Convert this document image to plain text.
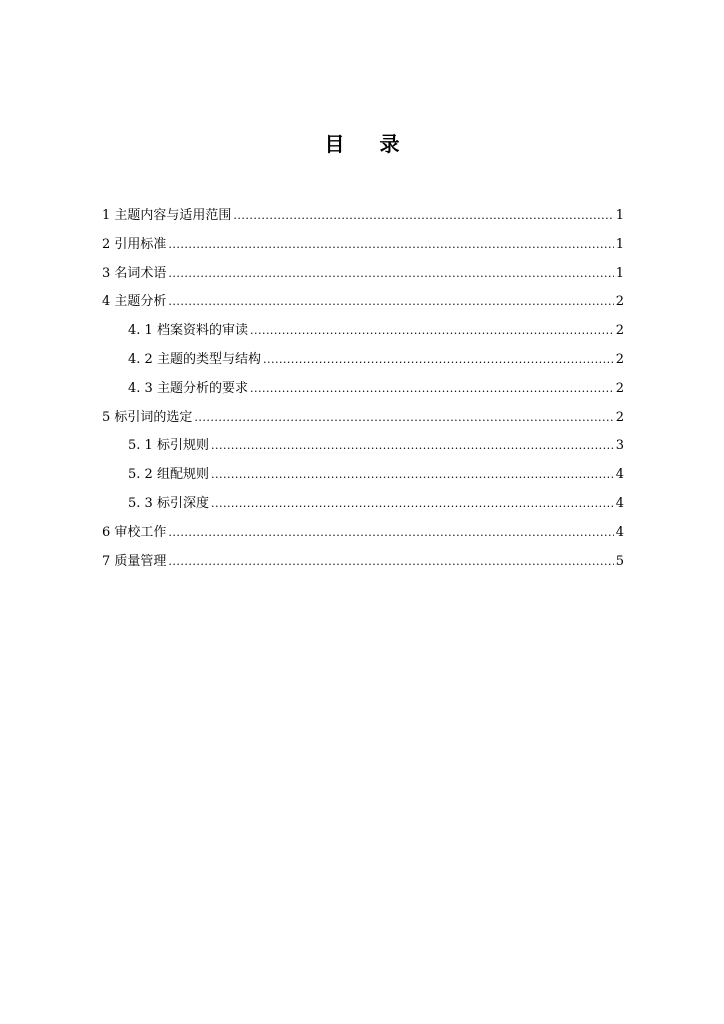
目 录
1 主题内容与适用范围 .....	1
2 引用标准 .....	1
3 名词术语 .....	1
4 主题分析 .....	2
4. 1 档案资料的审读 .....	2
4. 2 主题的类型与结构 .....	2
4. 3 主题分析的要求 .....	2
5 标引词的选定 .....	2
5. 1 标引规则 .....	3
5. 2 组配规则 .....	4
5. 3 标引深度 .....	4
6 审校工作 .....	4
7 质量管理 .....	5
